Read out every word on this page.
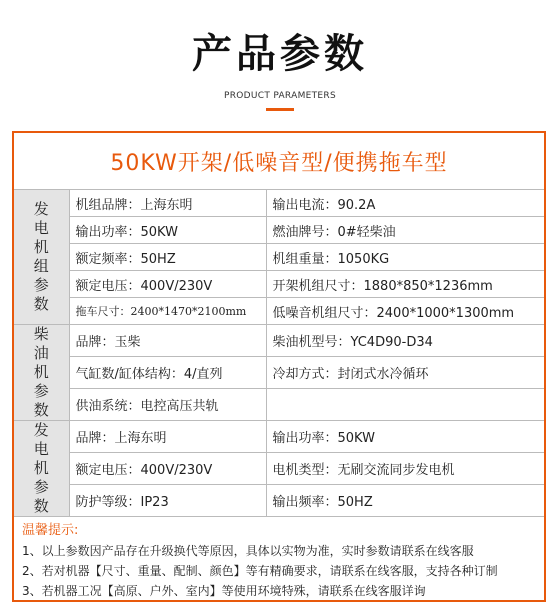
产品参数
PRODUCT PARAMETERS
50KW开架/低噪音型/便携拖车型
发电机组参数	机组品牌：上海东明	输出电流：90.2A
	输出功率：50KW	燃油牌号：0#轻柴油
	额定频率：50HZ	机组重量：1050KG
	额定电压：400V/230V	开架机组尺寸：1880*850*1236mm
	拖车尺寸：2400*1470*2100mm	低噪音机组尺寸：2400*1000*1300mm
柴油机参数	品牌：玉柴	柴油机型号：YC4D90-D34
	气缸数/缸体结构：4/直列	冷却方式：封闭式水冷循环
	供油系统：电控高压共轨	
发电机参数	品牌：上海东明	输出功率：50KW
	额定电压：400V/230V	电机类型：无刷交流同步发电机
	防护等级：IP23	输出频率：50HZ
温馨提示:
1、以上参数因产品存在升级换代等原因，具体以实物为准，实时参数请联系在线客服
2、若对机器【尺寸、重量、配制、颜色】等有精确要求，请联系在线客服，支持各种订制
3、若机器工况【高原、户外、室内】等使用环境特殊，请联系在线客服详询
